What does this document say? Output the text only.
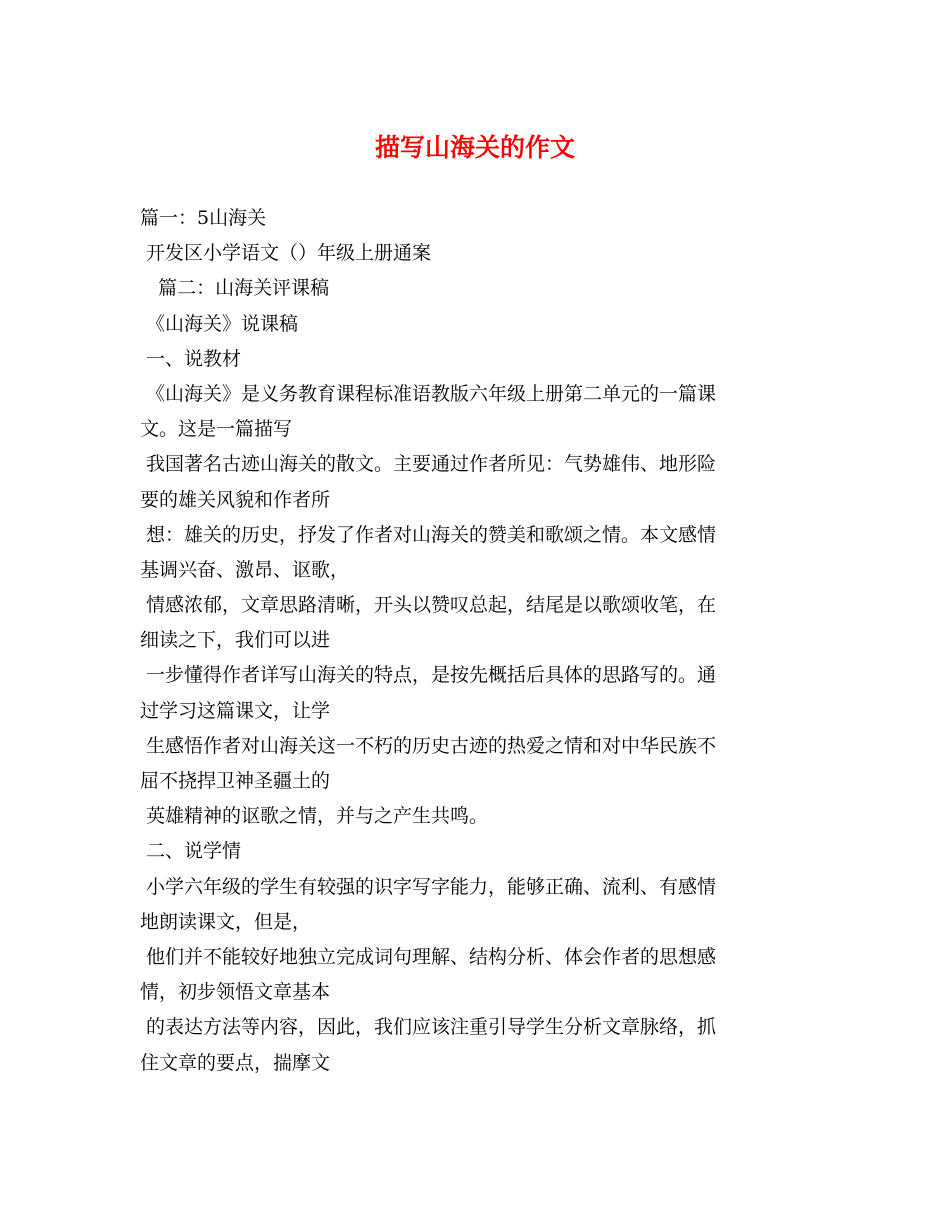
描写山海关的作文
篇一：5山海关
开发区小学语文（）年级上册通案
篇二：山海关评课稿
《山海关》说课稿
一、说教材
《山海关》是义务教育课程标准语教版六年级上册第二单元的一篇课
文。这是一篇描写
我国著名古迹山海关的散文。主要通过作者所见：气势雄伟、地形险
要的雄关风貌和作者所
想：雄关的历史，抒发了作者对山海关的赞美和歌颂之情。本文感情
基调兴奋、激昂、讴歌，
情感浓郁，文章思路清晰，开头以赞叹总起，结尾是以歌颂收笔，在
细读之下，我们可以进
一步懂得作者详写山海关的特点，是按先概括后具体的思路写的。通
过学习这篇课文，让学
生感悟作者对山海关这一不朽的历史古迹的热爱之情和对中华民族不
屈不挠捍卫神圣疆土的
英雄精神的讴歌之情，并与之产生共鸣。
二、说学情
小学六年级的学生有较强的识字写字能力，能够正确、流利、有感情
地朗读课文，但是，
他们并不能较好地独立完成词句理解、结构分析、体会作者的思想感
情，初步领悟文章基本
的表达方法等内容，因此，我们应该注重引导学生分析文章脉络，抓
住文章的要点，揣摩文
